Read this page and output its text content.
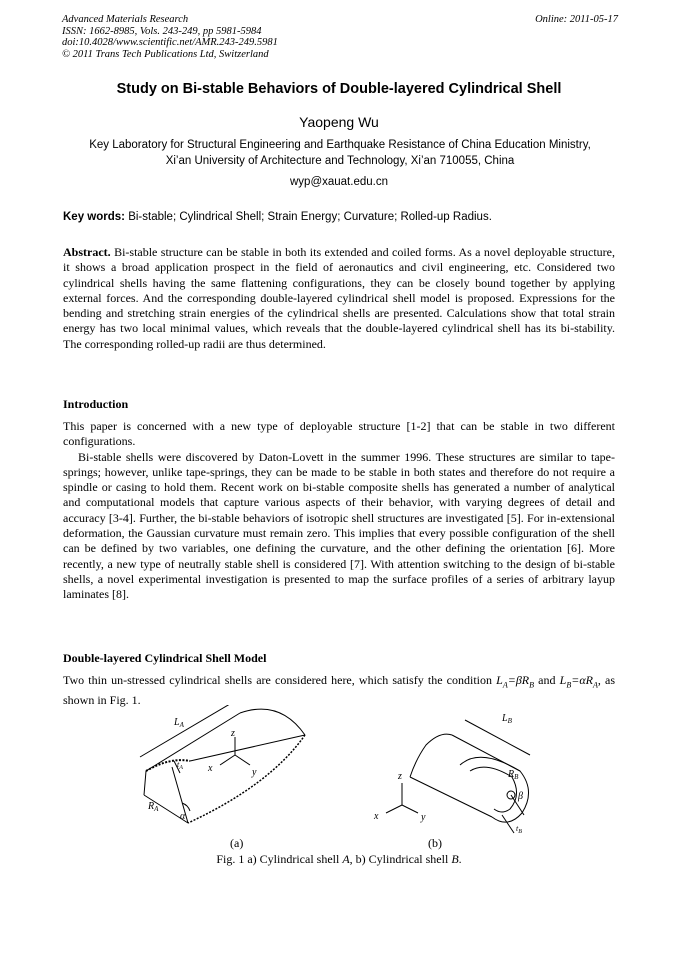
Advanced Materials Research
ISSN: 1662-8985, Vols. 243-249, pp 5981-5984
doi:10.4028/www.scientific.net/AMR.243-249.5981
© 2011 Trans Tech Publications Ltd, Switzerland
Online: 2011-05-17
Study on Bi-stable Behaviors of Double-layered Cylindrical Shell
Yaopeng Wu
Key Laboratory for Structural Engineering and Earthquake Resistance of China Education Ministry,
Xi’an University of Architecture and Technology, Xi’an 710055, China
wyp@xauat.edu.cn
Key words: Bi-stable; Cylindrical Shell; Strain Energy; Curvature; Rolled-up Radius.
Abstract. Bi-stable structure can be stable in both its extended and coiled forms. As a novel deployable structure, it shows a broad application prospect in the field of aeronautics and civil engineering, etc. Considered two cylindrical shells having the same flattening configurations, they can be closely bound together by applying external forces. And the corresponding double-layered cylindrical shell model is proposed. Expressions for the bending and stretching strain energies of the cylindrical shells are presented. Calculations show that total strain energy has two local minimal values, which reveals that the double-layered cylindrical shell has its bi-stability. The corresponding rolled-up radii are thus determined.
Introduction

This paper is concerned with a new type of deployable structure [1-2] that can be stable in two different configurations.

Bi-stable shells were discovered by Daton-Lovett in the summer 1996. These structures are similar to tape-springs; however, unlike tape-springs, they can be made to be stable in both states and therefore do not require a spindle or casing to hold them. Recent work on bi-stable composite shells has generated a number of analytical and computational models that capture various aspects of their behavior, with varying degrees of detail and accuracy [3-4]. Further, the bi-stable behaviors of isotropic shell structures are investigated [5]. For in-extensional deformation, the Gaussian curvature must remain zero. This implies that every possible configuration of the shell can be defined by two variables, one defining the curvature, and the other defining the orientation [6]. More recently, a new type of neutrally stable shell is considered [7]. With attention switching to the design of bi-stable shells, a novel experimental investigation is presented to map the surface profiles of a series of arbitrary layup laminates [8].

Double-layered Cylindrical Shell Model
Two thin un-stressed cylindrical shells are considered here, which satisfy the condition $L_A=\beta R_B$ and $L_B=\alpha R_A$, as shown in Fig. 1.
$L_A$
$R_A$
$t_A$
α
z
y
x
$L_B$
$R_B$
$t_B$
β
z
y
x
(a)	(b)
Fig. 1 a) Cylindrical shell A, b) Cylindrical shell B.
